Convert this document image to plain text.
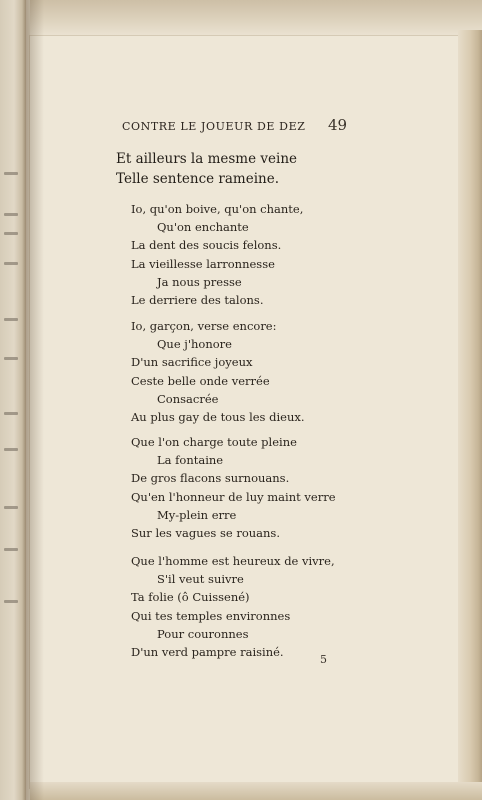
CONTRE LE JOUEUR DE DEZ 49
Et ailleurs la mesme veine
Telle sentence rameine.
Io, qu'on boive, qu'on chante,
Qu'on enchante
La dent des soucis felons.
La vieillesse larronnesse
Ja nous presse
Le derriere des talons.
Io, garçon, verse encore:
Que j'honore
D'un sacrifice joyeux
Ceste belle onde verrée
Consacrée
Au plus gay de tous les dieux.
Que l'on charge toute pleine
La fontaine
De gros flacons surnouans.
Qu'en l'honneur de luy maint verre
My-plein erre
Sur les vagues se rouans.
Que l'homme est heureux de vivre,
S'il veut suivre
Ta folie (ô Cuissené)
Qui tes temples environnes
Pour couronnes
D'un verd pampre raisiné.
5
